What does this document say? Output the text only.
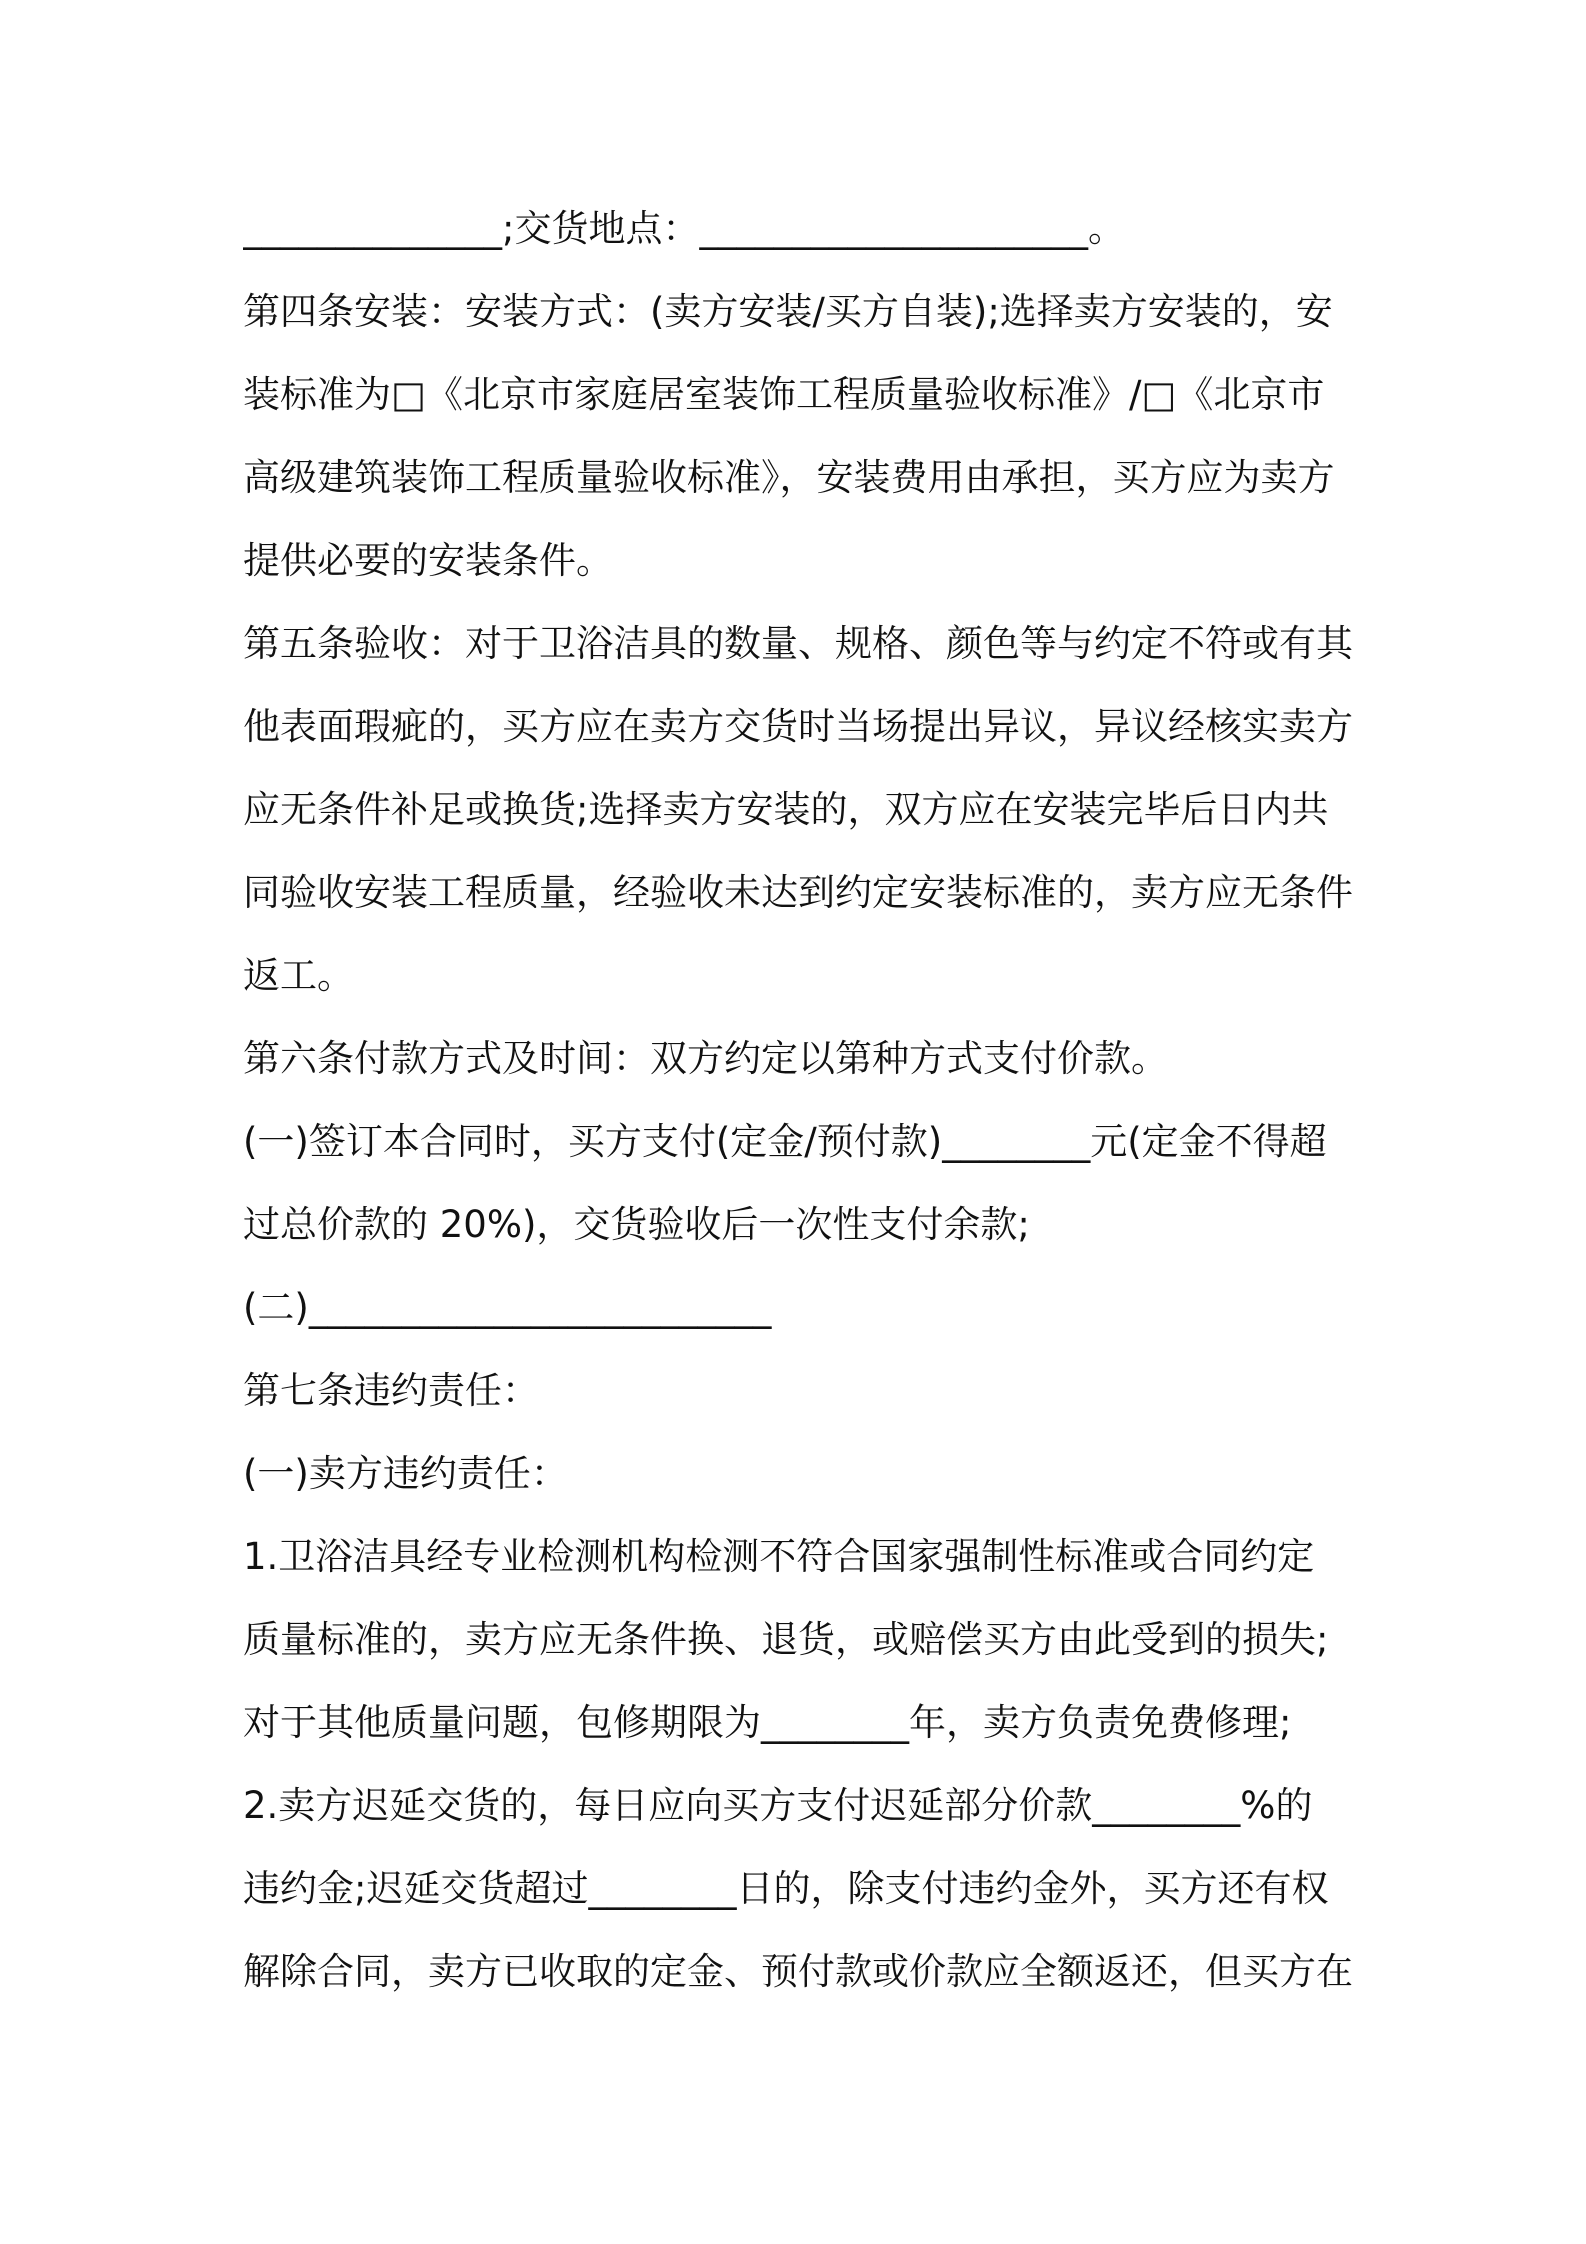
______________;交货地点：_____________________。
第四条安装：安装方式：(卖方安装/买方自装);选择卖方安装的，安
装标准为□《北京市家庭居室装饰工程质量验收标准》/□《北京市
高级建筑装饰工程质量验收标准》，安装费用由承担，买方应为卖方
提供必要的安装条件。
第五条验收：对于卫浴洁具的数量、规格、颜色等与约定不符或有其
他表面瑕疵的，买方应在卖方交货时当场提出异议，异议经核实卖方
应无条件补足或换货;选择卖方安装的，双方应在安装完毕后日内共
同验收安装工程质量，经验收未达到约定安装标准的，卖方应无条件
返工。
第六条付款方式及时间：双方约定以第种方式支付价款。
(一)签订本合同时，买方支付(定金/预付款)________元(定金不得超
过总价款的 20%)，交货验收后一次性支付余款;
(二)_________________________
第七条违约责任：
(一)卖方违约责任：
1.卫浴洁具经专业检测机构检测不符合国家强制性标准或合同约定
质量标准的，卖方应无条件换、退货，或赔偿买方由此受到的损失;
对于其他质量问题，包修期限为________年，卖方负责免费修理;
2.卖方迟延交货的，每日应向买方支付迟延部分价款________%的
违约金;迟延交货超过________日的，除支付违约金外，买方还有权
解除合同，卖方已收取的定金、预付款或价款应全额返还，但买方在
